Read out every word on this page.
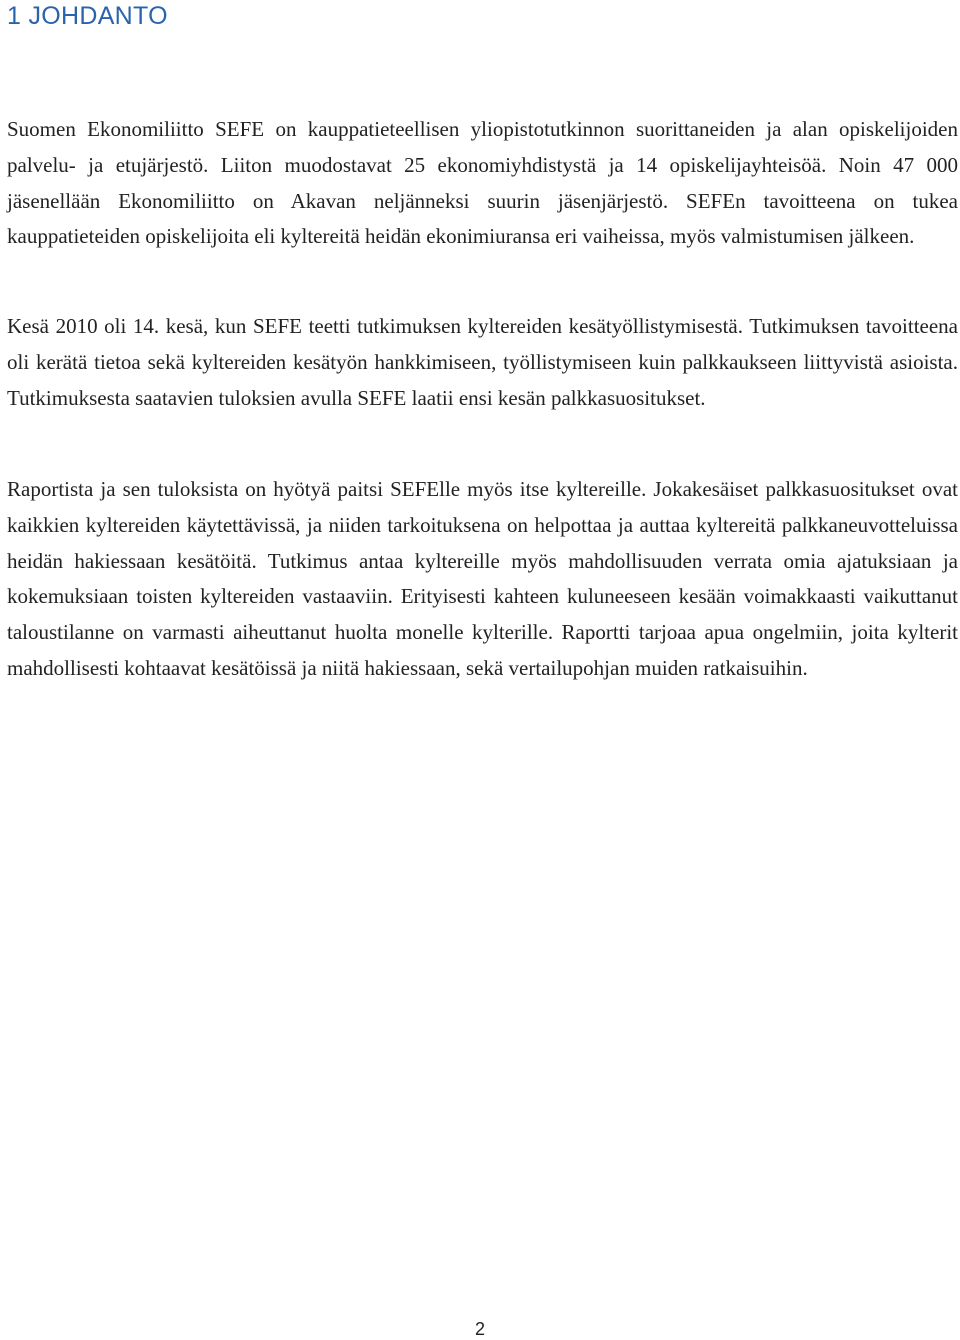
1 JOHDANTO

Suomen Ekonomiliitto SEFE on kauppatieteellisen yliopistotutkinnon suorittaneiden ja alan opiskelijoiden palvelu- ja etujärjestö. Liiton muodostavat 25 ekonomiyhdistystä ja 14 opiskelijayhteisöä. Noin 47 000 jäsenellään Ekonomiliitto on Akavan neljänneksi suurin jäsenjärjestö. SEFEn tavoitteena on tukea kauppatieteiden opiskelijoita eli kyltereitä heidän ekonimiuransa eri vaiheissa, myös valmistumisen jälkeen.

Kesä 2010 oli 14. kesä, kun SEFE teetti tutkimuksen kyltereiden kesätyöllistymisestä. Tutkimuksen tavoitteena oli kerätä tietoa sekä kyltereiden kesätyön hankkimiseen, työllistymiseen kuin palkkaukseen liittyvistä asioista. Tutkimuksesta saatavien tuloksien avulla SEFE laatii ensi kesän palkkasuositukset.

Raportista ja sen tuloksista on hyötyä paitsi SEFElle myös itse kyltereille. Jokakesäiset palkkasuositukset ovat kaikkien kyltereiden käytettävissä, ja niiden tarkoituksena on helpottaa ja auttaa kyltereitä palkkaneuvotteluissa heidän hakiessaan kesätöitä. Tutkimus antaa kyltereille myös mahdollisuuden verrata omia ajatuksiaan ja kokemuksiaan toisten kyltereiden vastaaviin. Erityisesti kahteen kuluneeseen kesään voimakkaasti vaikuttanut taloustilanne on varmasti aiheuttanut huolta monelle kylterille. Raportti tarjoaa apua ongelmiin, joita kylterit mahdollisesti kohtaavat kesätöissä ja niitä hakiessaan, sekä vertailupohjan muiden ratkaisuihin.

2
